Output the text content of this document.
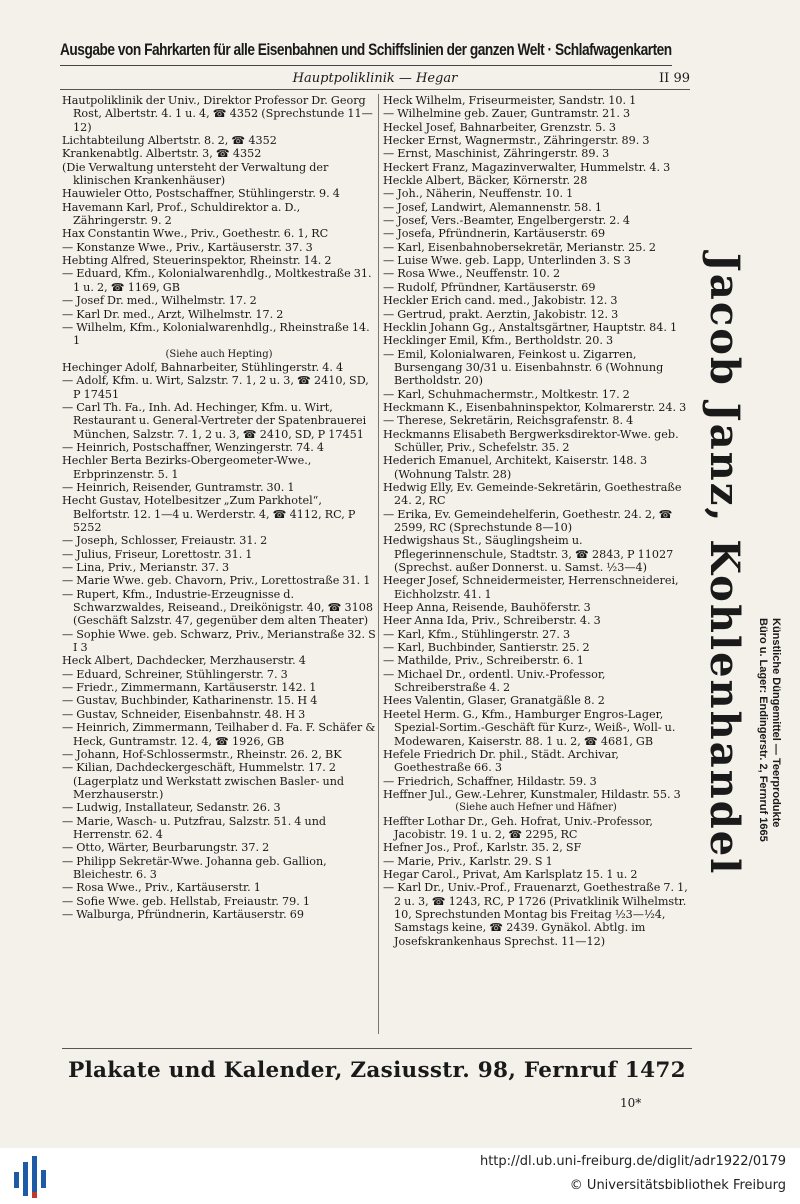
Ausgabe von Fahrkarten für alle Eisenbahnen und Schiffslinien der ganzen Welt · Schlafwagenkarten
Hauptpoliklinik — Hegar	II 99
Hautpoliklinik der Univ., Direktor Professor Dr. Georg Rost, Albertstr. 4. 1 u. 4, ☎ 4352 (Sprechstunde 11—12)
Lichtabteilung Albertstr. 8. 2, ☎ 4352
Krankenabtlg. Albertstr. 3, ☎ 4352
(Die Verwaltung untersteht der Verwaltung der klinischen Krankenhäuser)
Hauwieler Otto, Postschaffner, Stühlingerstr. 9. 4
Havemann Karl, Prof., Schuldirektor a. D., Zähringerstr. 9. 2
Hax Constantin Wwe., Priv., Goethestr. 6. 1, RC
— Konstanze Wwe., Priv., Kartäuserstr. 37. 3
Hebting Alfred, Steuerinspektor, Rheinstr. 14. 2
— Eduard, Kfm., Kolonialwarenhdlg., Moltkestraße 31. 1 u. 2, ☎ 1169, GB
— Josef Dr. med., Wilhelmstr. 17. 2
— Karl Dr. med., Arzt, Wilhelmstr. 17. 2
— Wilhelm, Kfm., Kolonialwarenhdlg., Rheinstraße 14. 1
(Siehe auch Hepting)
Hechinger Adolf, Bahnarbeiter, Stühlingerstr. 4. 4
— Adolf, Kfm. u. Wirt, Salzstr. 7. 1, 2 u. 3, ☎ 2410, SD, P 17451
— Carl Th. Fa., Inh. Ad. Hechinger, Kfm. u. Wirt, Restaurant u. General-Vertreter der Spatenbrauerei München, Salzstr. 7. 1, 2 u. 3, ☎ 2410, SD, P 17451
— Heinrich, Postschaffner, Wenzingerstr. 74. 4
Hechler Berta Bezirks-Obergeometer-Wwe., Erbprinzenstr. 5. 1
— Heinrich, Reisender, Guntramstr. 30. 1
Hecht Gustav, Hotelbesitzer „Zum Parkhotel“, Belfortstr. 12. 1—4 u. Werderstr. 4, ☎ 4112, RC, P 5252
— Joseph, Schlosser, Freiaustr. 31. 2
— Julius, Friseur, Lorettostr. 31. 1
— Lina, Priv., Merianstr. 37. 3
— Marie Wwe. geb. Chavorn, Priv., Lorettostraße 31. 1
— Rupert, Kfm., Industrie-Erzeugnisse d. Schwarzwaldes, Reiseand., Dreikönigstr. 40, ☎ 3108 (Geschäft Salzstr. 47, gegenüber dem alten Theater)
— Sophie Wwe. geb. Schwarz, Priv., Merianstraße 32. S I 3
Heck Albert, Dachdecker, Merzhauserstr. 4
— Eduard, Schreiner, Stühlingerstr. 7. 3
— Friedr., Zimmermann, Kartäuserstr. 142. 1
— Gustav, Buchbinder, Katharinenstr. 15. H 4
— Gustav, Schneider, Eisenbahnstr. 48. H 3
— Heinrich, Zimmermann, Teilhaber d. Fa. F. Schäfer & Heck, Guntramstr. 12. 4, ☎ 1926, GB
— Johann, Hof-Schlossermstr., Rheinstr. 26. 2, BK
— Kilian, Dachdeckergeschäft, Hummelstr. 17. 2 (Lagerplatz und Werkstatt zwischen Basler- und Merzhauserstr.)
— Ludwig, Installateur, Sedanstr. 26. 3
— Marie, Wasch- u. Putzfrau, Salzstr. 51. 4 und Herrenstr. 62. 4
— Otto, Wärter, Beurbarungstr. 37. 2
— Philipp Sekretär-Wwe. Johanna geb. Gallion, Bleichestr. 6. 3
— Rosa Wwe., Priv., Kartäuserstr. 1
— Sofie Wwe. geb. Hellstab, Freiaustr. 79. 1
— Walburga, Pfründnerin, Kartäuserstr. 69
Heck Wilhelm, Friseurmeister, Sandstr. 10. 1
— Wilhelmine geb. Zauer, Guntramstr. 21. 3
Heckel Josef, Bahnarbeiter, Grenzstr. 5. 3
Hecker Ernst, Wagnermstr., Zähringerstr. 89. 3
— Ernst, Maschinist, Zähringerstr. 89. 3
Heckert Franz, Magazinverwalter, Hummelstr. 4. 3
Heckle Albert, Bäcker, Körnerstr. 28
— Joh., Näherin, Neuffenstr. 10. 1
— Josef, Landwirt, Alemannenstr. 58. 1
— Josef, Vers.-Beamter, Engelbergerstr. 2. 4
— Josefa, Pfründnerin, Kartäuserstr. 69
— Karl, Eisenbahnobersekretär, Merianstr. 25. 2
— Luise Wwe. geb. Lapp, Unterlinden 3. S 3
— Rosa Wwe., Neuffenstr. 10. 2
— Rudolf, Pfründner, Kartäuserstr. 69
Heckler Erich cand. med., Jakobistr. 12. 3
— Gertrud, prakt. Aerztin, Jakobistr. 12. 3
Hecklin Johann Gg., Anstaltsgärtner, Hauptstr. 84. 1
Hecklinger Emil, Kfm., Bertholdstr. 20. 3
— Emil, Kolonialwaren, Feinkost u. Zigarren, Bursengang 30/31 u. Eisenbahnstr. 6 (Wohnung Bertholdstr. 20)
— Karl, Schuhmachermstr., Moltkestr. 17. 2
Heckmann K., Eisenbahninspektor, Kolmarerstr. 24. 3
— Therese, Sekretärin, Reichsgrafenstr. 8. 4
Heckmanns Elisabeth Bergwerksdirektor-Wwe. geb. Schüller, Priv., Schefelstr. 35. 2
Hederich Emanuel, Architekt, Kaiserstr. 148. 3 (Wohnung Talstr. 28)
Hedwig Elly, Ev. Gemeinde-Sekretärin, Goethestraße 24. 2, RC
— Erika, Ev. Gemeindehelferin, Goethestr. 24. 2, ☎ 2599, RC (Sprechstunde 8—10)
Hedwigshaus St., Säuglingsheim u. Pflegerinnenschule, Stadtstr. 3, ☎ 2843, P 11027 (Sprechst. außer Donnerst. u. Samst. ½3—4)
Heeger Josef, Schneidermeister, Herrenschneiderei, Eichholzstr. 41. 1
Heep Anna, Reisende, Bauhöferstr. 3
Heer Anna Ida, Priv., Schreiberstr. 4. 3
— Karl, Kfm., Stühlingerstr. 27. 3
— Karl, Buchbinder, Santierstr. 25. 2
— Mathilde, Priv., Schreiberstr. 6. 1
— Michael Dr., ordentl. Univ.-Professor, Schreiberstraße 4. 2
Hees Valentin, Glaser, Granatgäßle 8. 2
Heetel Herm. G., Kfm., Hamburger Engros-Lager, Spezial-Sortim.-Geschäft für Kurz-, Weiß-, Woll- u. Modewaren, Kaiserstr. 88. 1 u. 2, ☎ 4681, GB
Hefele Friedrich Dr. phil., Städt. Archivar, Goethestraße 66. 3
— Friedrich, Schaffner, Hildastr. 59. 3
Heffner Jul., Gew.-Lehrer, Kunstmaler, Hildastr. 55. 3
(Siehe auch Hefner und Häfner)
Heffter Lothar Dr., Geh. Hofrat, Univ.-Professor, Jacobistr. 19. 1 u. 2, ☎ 2295, RC
Hefner Jos., Prof., Karlstr. 35. 2, SF
— Marie, Priv., Karlstr. 29. S 1
Hegar Carol., Privat, Am Karlsplatz 15. 1 u. 2
— Karl Dr., Univ.-Prof., Frauenarzt, Goethestraße 7. 1, 2 u. 3, ☎ 1243, RC, P 1726 (Privatklinik Wilhelmstr. 10, Sprechstunden Montag bis Freitag ½3—½4, Samstags keine, ☎ 2439. Gynäkol. Abtlg. im Josefskrankenhaus Sprechst. 11—12)
Jacob Janz, Kohlenhandel Künstliche Düngemittel — Teerprodukte
Büro u. Lager: Endingerstr. 2, Fernruf 1665
Plakate und Kalender, Zasiusstr. 98, Fernruf 1472
10*
http://dl.ub.uni-freiburg.de/diglit/adr1922/0179
© Universitätsbibliothek Freiburg
